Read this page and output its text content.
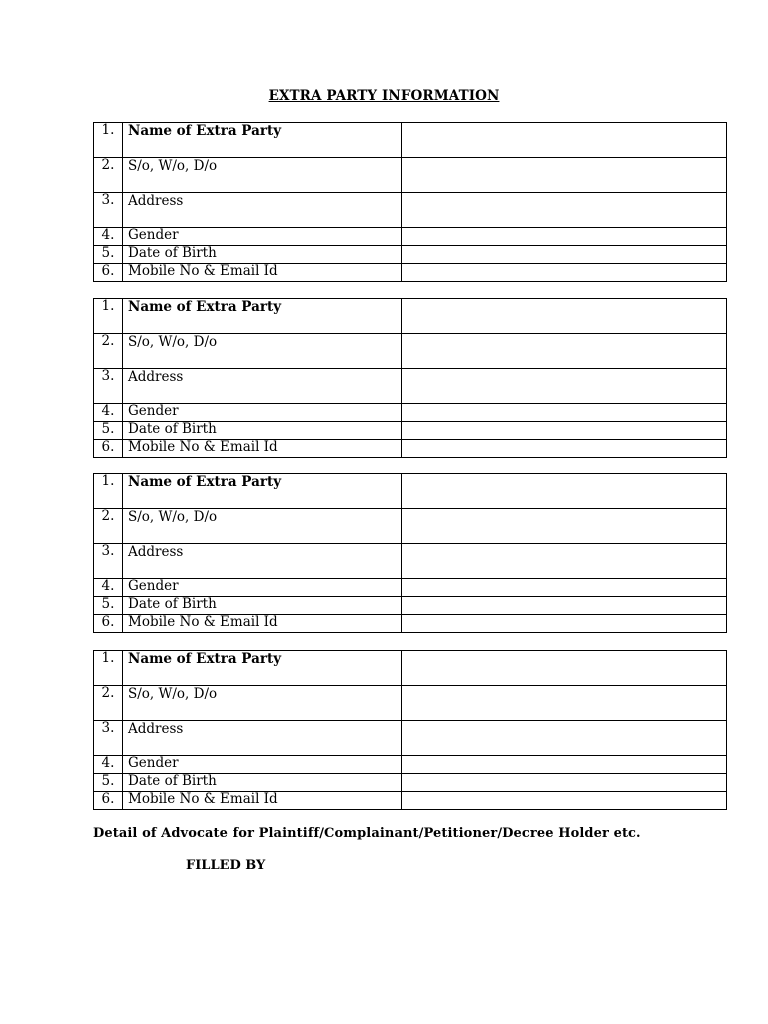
EXTRA PARTY INFORMATION
1.	Name of Extra Party	
2.	S/o, W/o, D/o	
3.	Address	
4.	Gender	
5.	Date of Birth	
6.	Mobile No & Email Id	
1.	Name of Extra Party	
2.	S/o, W/o, D/o	
3.	Address	
4.	Gender	
5.	Date of Birth	
6.	Mobile No & Email Id	
1.	Name of Extra Party	
2.	S/o, W/o, D/o	
3.	Address	
4.	Gender	
5.	Date of Birth	
6.	Mobile No & Email Id	
1.	Name of Extra Party	
2.	S/o, W/o, D/o	
3.	Address	
4.	Gender	
5.	Date of Birth	
6.	Mobile No & Email Id	
Detail of Advocate for Plaintiff/Complainant/Petitioner/Decree Holder etc.
FILLED BY
